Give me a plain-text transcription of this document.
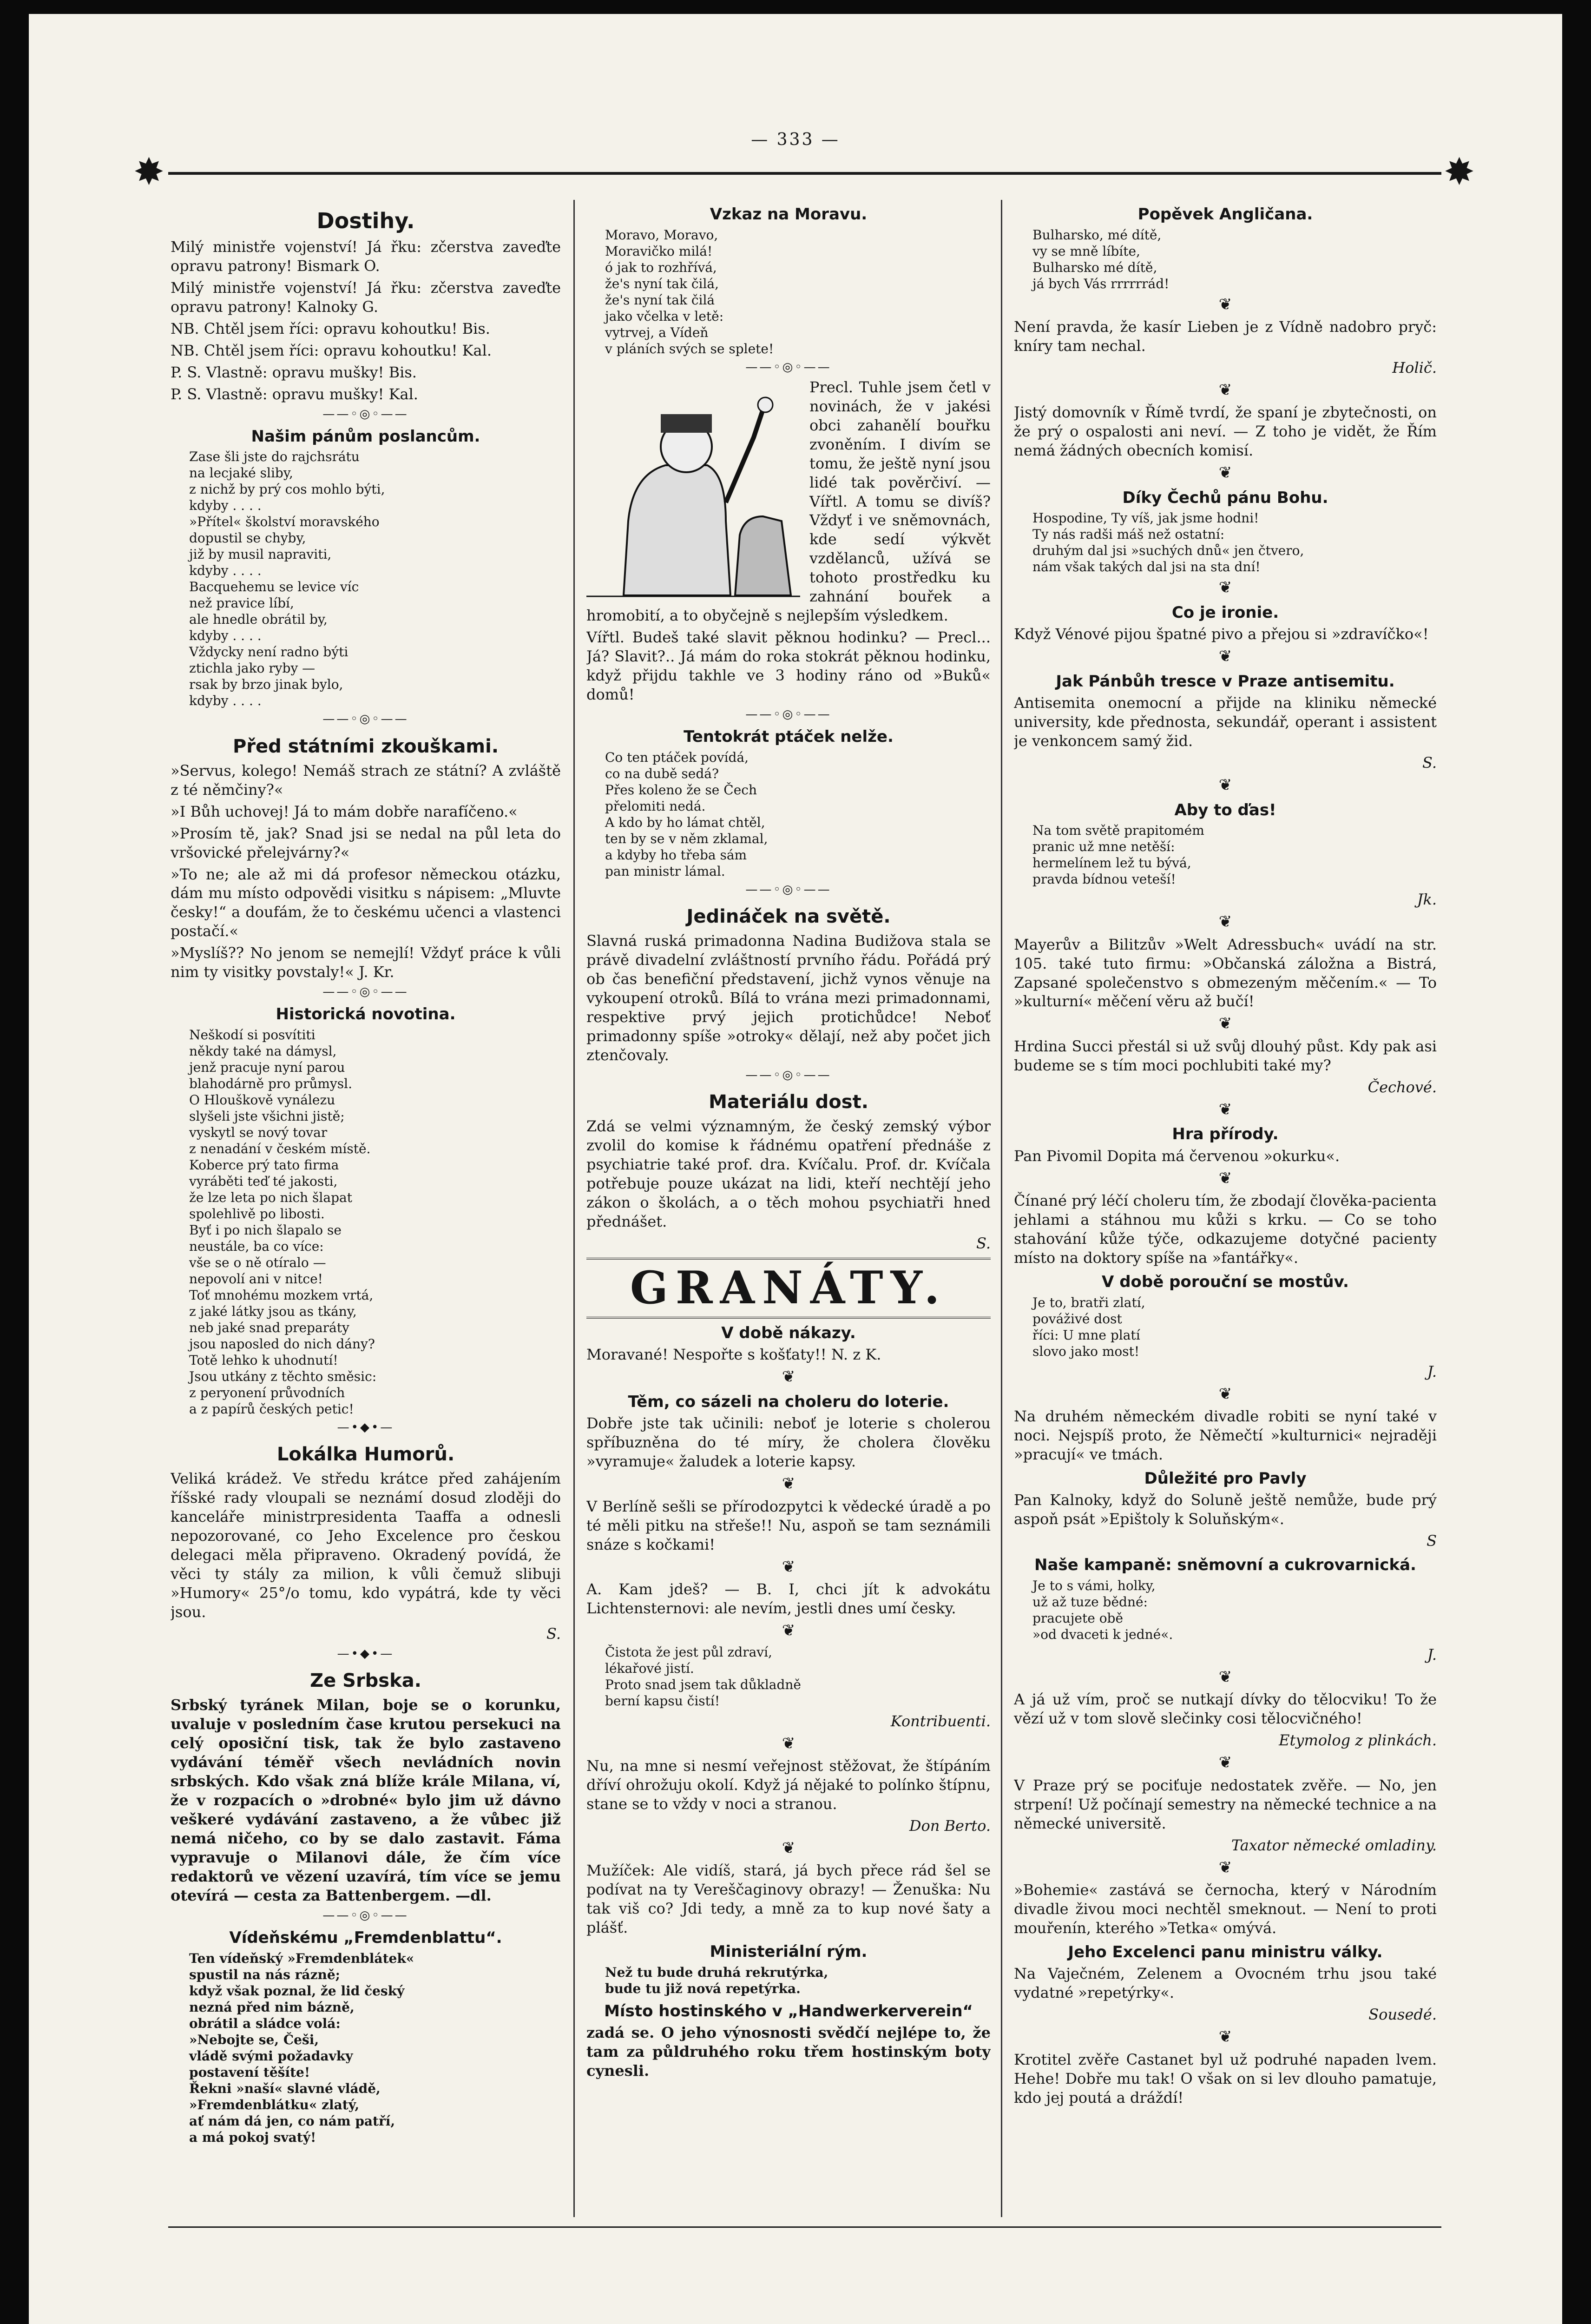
— 333 —
✸	✸
Dostihy.

Milý ministře vojenství! Já řku: zčerstva zaveďte opravu patrony! Bismark O.

Milý ministře vojenství! Já řku: zčerstva zaveďte opravu patrony! Kalnoky G.

NB. Chtěl jsem říci: opravu kohoutku! Bis.

NB. Chtěl jsem říci: opravu kohoutku! Kal.

P. S. Vlastně: opravu mušky! Bis.

P. S. Vlastně: opravu mušky! Kal.

——◦◎◦——
Našim pánům poslancům.
Zase šli jste do rajchsrátu
na lecjaké sliby,
z nichž by prý cos mohlo býti,
kdyby . . . .
»Přítel« školství moravského
dopustil se chyby,
již by musil napraviti,
kdyby . . . .
Bacquehemu se levice víc
než pravice líbí,
ale hnedle obrátil by,
kdyby . . . .
Vždycky není radno býti
ztichla jako ryby —
rsak by brzo jinak bylo,
kdyby . . . .
——◦◎◦——
Před státními zkouškami.

»Servus, kolego! Nemáš strach ze státní? A zvláště z té němčiny?«

»I Bůh uchovej! Já to mám dobře narafíčeno.«

»Prosím tě, jak? Snad jsi se nedal na půl leta do vršovické přelejvárny?«

»To ne; ale až mi dá profesor německou otázku, dám mu místo odpovědi visitku s nápisem: „Mluvte česky!“ a doufám, že to českému učenci a vlastenci postačí.«

»Myslíš?? No jenom se nemejlí! Vždyť práce k vůli nim ty visitky povstaly!« J. Kr.

——◦◎◦——
Historická novotina.
Neškodí si posvítiti
někdy také na dámysl,
jenž pracuje nyní parou
blahodárně pro průmysl.
O Hlouškově vynálezu
slyšeli jste všichni jistě;
vyskytl se nový tovar
z nenadání v českém místě.
Koberce prý tato firma
vyráběti teď té jakosti,
že lze leta po nich šlapat
spolehlivě po libosti.
Byť i po nich šlapalo se
neustále, ba co více:
vše se o ně otíralo —
nepovolí ani v nitce!
Toť mnohému mozkem vrtá,
z jaké látky jsou as tkány,
neb jaké snad preparáty
jsou naposled do nich dány?
Totě lehko k uhodnutí!
Jsou utkány z těchto směsic:
z peryonení průvodních
a z papírů českých petic!
—•◆•—
Lokálka Humorů.

Veliká krádež. Ve středu krátce před zahájením říšské rady vloupali se neznámí dosud zloději do kanceláře ministrpresidenta Taaffa a odnesli nepozorované, co Jeho Excelence pro českou delegaci měla připraveno. Okradený povídá, že věci ty stály za milion, k vůli čemuž slibuji »Humory« 25°/o tomu, kdo vypátrá, kde ty věci jsou.

S.
—•◆•—
Ze Srbska.

Srbský tyránek Milan, boje se o korunku, uvaluje v posledním čase krutou persekuci na celý oposiční tisk, tak že bylo zastaveno vydávání téměř všech nevládních novin srbských. Kdo však zná blíže krále Milana, ví, že v rozpacích o »drobné« bylo jim už dávno veškeré vydávání zastaveno, a že vůbec již nemá ničeho, co by se dalo zastavit. Fáma vypravuje o Milanovi dále, že čím více redaktorů ve vězení uzavírá, tím více se jemu otevírá — cesta za Battenbergem. —dl.

——◦◎◦——
Vídeňskému „Fremdenblattu“.
Ten vídeňský »Fremdenblátek«
spustil na nás rázně;
když však poznal, že lid český
nezná před nim bázně,
obrátil a sládce volá:
»Nebojte se, Češi,
vládě svými požadavky
postavení těšíte!
Řekni »naší« slavné vládě,
»Fremdenblátku« zlatý,
ať nám dá jen, co nám patří,
a má pokoj svatý!
Vzkaz na Moravu.
Moravo, Moravo,
Moravičko milá!
ó jak to rozhřívá,
že's nyní tak čilá,
že's nyní tak čilá
jako včelka v letě:
vytrvej, a Vídeň
v pláních svých se splete!
——◦◎◦——

Precl. Tuhle jsem četl v novinách, že v jakési obci zahanělí bouřku zvoněním. I divím se tomu, že ještě nyní jsou lidé tak pověrčiví. — Vířtl. A tomu se divíš? Vždyť i ve sněmovnách, kde sedí výkvět vzdělanců, užívá se tohoto prostředku ku zahnání bouřek a hromobití, a to obyčejně s nejlepším výsledkem.

Vířtl. Budeš také slavit pěknou hodinku? — Precl... Já? Slavit?.. Já mám do roka stokrát pěknou hodinku, když přijdu takhle ve 3 hodiny ráno od »Buků« domů!

——◦◎◦——
Tentokrát ptáček nelže.
Co ten ptáček povídá,
co na dubě sedá?
Přes koleno že se Čech
přelomiti nedá.
A kdo by ho lámat chtěl,
ten by se v něm zklamal,
a kdyby ho třeba sám
pan ministr lámal.
——◦◎◦——
Jedináček na světě.

Slavná ruská primadonna Nadina Budižova stala se právě divadelní zvláštností prvního řádu. Pořádá prý ob čas benefiční představení, jichž vynos věnuje na vykoupení otroků. Bílá to vrána mezi primadonnami, respektive prvý jejich protichůdce! Neboť primadonny spíše »otroky« dělají, než aby počet jich ztenčovaly.

——◦◎◦——
Materiálu dost.

Zdá se velmi významným, že český zemský výbor zvolil do komise k řádnému opatření přednáše z psychiatrie také prof. dra. Kvíčalu. Prof. dr. Kvíčala potřebuje pouze ukázat na lidi, kteří nechtějí jeho zákon o školách, a o těch mohou psychiatři hned přednášet.

S.
GRANÁTY.
V době nákazy.

Moravané! Nespořte s košťaty!! N. z K.

❦
Těm, co sázeli na choleru do loterie.

Dobře jste tak učinili: neboť je loterie s cholerou spříbuzněna do té míry, že cholera člověku »vyramuje« žaludek a loterie kapsy.

❦

V Berlíně sešli se přírodozpytci k vědecké úradě a po té měli pitku na střeše!! Nu, aspoň se tam seznámili snáze s kočkami!

❦

A. Kam jdeš? — B. I, chci jít k advokátu Lichtensternovi: ale nevím, jestli dnes umí česky.

❦
Čistota že jest půl zdraví,
lékařové jistí.
Proto snad jsem tak důkladně
berní kapsu čistí!
Kontribuenti.
❦

Nu, na mne si nesmí veřejnost stěžovat, že štípáním dříví ohrožuju okolí. Když já nějaké to polínko štípnu, stane se to vždy v noci a stranou.

Don Berto.
❦

Mužíček: Ale vidíš, stará, já bych přece rád šel se podívat na ty Vereščaginovy obrazy! — Ženuška: Nu tak viš co? Jdi tedy, a mně za to kup nové šaty a plášť.

Ministeriální rým.
Než tu bude druhá rekrutýrka,
bude tu již nová repetýrka.
Místo hostinského v „Handwerkerverein“

zadá se. O jeho výnosnosti svědčí nejlépe to, že tam za půldruhého roku třem hostinským boty cynesli.

Popěvek Angličana.
Bulharsko, mé dítě,
vy se mně líbíte,
Bulharsko mé dítě,
já bych Vás rrrrrrád!
❦

Není pravda, že kasír Lieben je z Vídně nadobro pryč: kníry tam nechal.

Holič.
❦

Jistý domovník v Římě tvrdí, že spaní je zbytečnosti, on že prý o ospalosti ani neví. — Z toho je vidět, že Řím nemá žádných obecních komisí.

❦
Díky Čechů pánu Bohu.
Hospodine, Ty víš, jak jsme hodni!
Ty nás radši máš než ostatní:
druhým dal jsi »suchých dnů« jen čtvero,
nám však takých dal jsi na sta dní!
❦
Co je ironie.

Když Vénové pijou špatné pivo a přejou si »zdravíčko«!

❦
Jak Pánbůh tresce v Praze antisemitu.

Antisemita onemocní a přijde na kliniku německé university, kde přednosta, sekundář, operant i assistent je venkoncem samý žid.

S.
❦
Aby to ďas!
Na tom světě prapitomém
pranic už mne netěší:
hermelínem lež tu bývá,
pravda bídnou veteší!
Jk.
❦

Mayerův a Bilitzův »Welt Adressbuch« uvádí na str. 105. také tuto firmu: »Občanská záložna a Bistrá, Zapsané společenstvo s obmezeným měčením.« — To »kulturní« měčení věru až bučí!

❦

Hrdina Succi přestál si už svůj dlouhý půst. Kdy pak asi budeme se s tím moci pochlubiti také my?

Čechové.
❦
Hra přírody.

Pan Pivomil Dopita má červenou »okurku«.

❦

Čínané prý léčí choleru tím, že zbodají člověka-pacienta jehlami a stáhnou mu kůži s krku. — Co se toho stahování kůže týče, odkazujeme dotyčné pacienty místo na doktory spíše na »fantářky«.

V době porouční se mostův.
Je to, bratři zlatí,
pováživé dost
říci: U mne platí
slovo jako most!
J.
❦

Na druhém německém divadle robiti se nyní také v noci. Nejspíš proto, že Němečtí »kulturnici« nejraději »pracují« ve tmách.

Důležité pro Pavly

Pan Kalnoky, když do Soluně ještě nemůže, bude prý aspoň psát »Epištoly k Soluňským«.

S
Naše kampaně: sněmovní a cukrovarnická.
Je to s vámi, holky,
už až tuze bědné:
pracujete obě
»od dvaceti k jedné«.
J.
❦

A já už vím, proč se nutkají dívky do tělocviku! To že vězí už v tom slově slečinky cosi tělocvičného!

Etymolog z plinkách.
❦

V Praze prý se pociťuje nedostatek zvěře. — No, jen strpení! Už počínají semestry na německé technice a na německé universitě.

Taxator německé omladiny.
❦

»Bohemie« zastává se černocha, který v Národním divadle živou moci nechtěl smeknout. — Není to proti mouřenín, kterého »Tetka« omývá.

Jeho Excelenci panu ministru války.

Na Vaječném, Zelenem a Ovocném trhu jsou také vydatné »repetýrky«.

Sousedé.
❦

Krotitel zvěře Castanet byl už podruhé napaden lvem. Hehe! Dobře mu tak! O však on si lev dlouho pamatuje, kdo jej poutá a dráždí!
